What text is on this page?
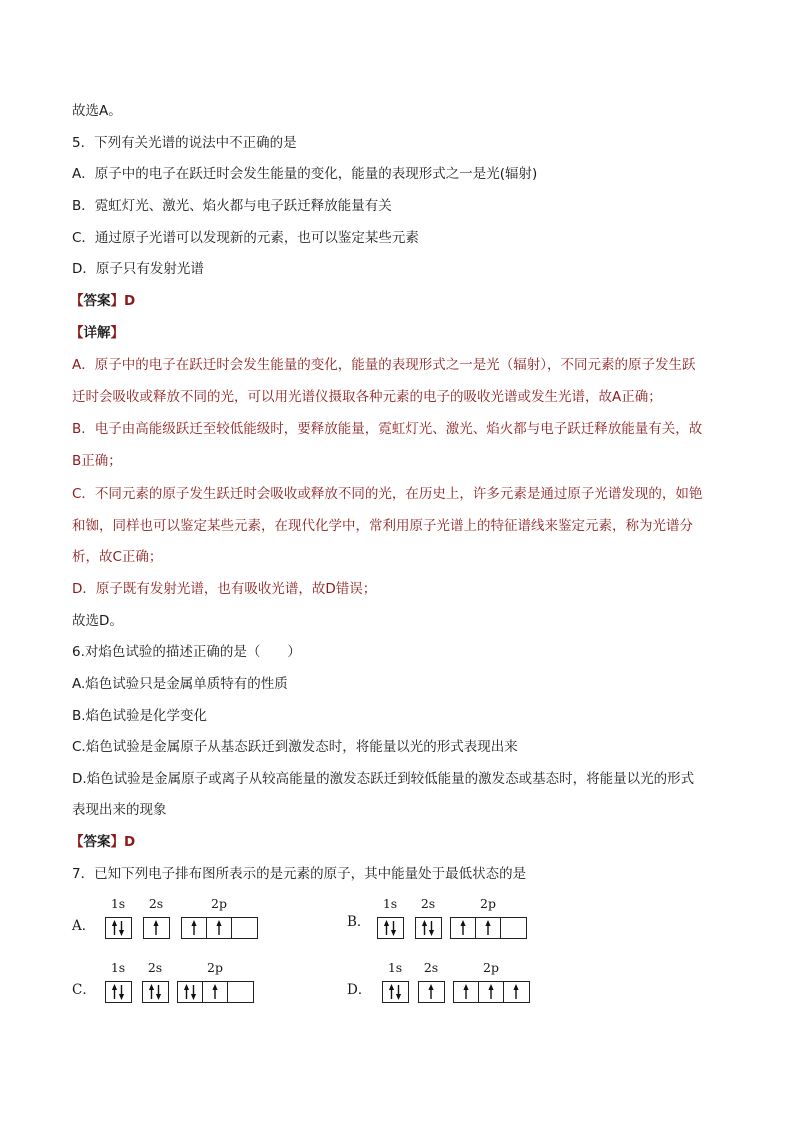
故选A。
5．下列有关光谱的说法中不正确的是
A．原子中的电子在跃迁时会发生能量的变化，能量的表现形式之一是光(辐射)
B．霓虹灯光、激光、焰火都与电子跃迁释放能量有关
C．通过原子光谱可以发现新的元素，也可以鉴定某些元素
D．原子只有发射光谱
【答案】D
【详解】
A．原子中的电子在跃迁时会发生能量的变化，能量的表现形式之一是光（辐射），不同元素的原子发生跃
迁时会吸收或释放不同的光，可以用光谱仪摄取各种元素的电子的吸收光谱或发生光谱，故A正确；
B．电子由高能级跃迁至较低能级时，要释放能量，霓虹灯光、激光、焰火都与电子跃迁释放能量有关，故
B正确；
C．不同元素的原子发生跃迁时会吸收或释放不同的光，在历史上，许多元素是通过原子光谱发现的，如铯
和铷，同样也可以鉴定某些元素，在现代化学中，常利用原子光谱上的特征谱线来鉴定元素，称为光谱分
析，故C正确；
D．原子既有发射光谱，也有吸收光谱，故D错误；
故选D。
6.对焰色试验的描述正确的是（　　）
A.焰色试验只是金属单质特有的性质
B.焰色试验是化学变化
C.焰色试验是金属原子从基态跃迁到激发态时，将能量以光的形式表现出来
D.焰色试验是金属原子或离子从较高能量的激发态跃迁到较低能量的激发态或基态时，将能量以光的形式
表现出来的现象
【答案】D
7．已知下列电子排布图所表示的是元素的原子，其中能量处于最低状态的是
A．
1s	2s	2p
B．
1s	2s	2p
C．
1s	2s	2p
D．
1s	2s	2p
